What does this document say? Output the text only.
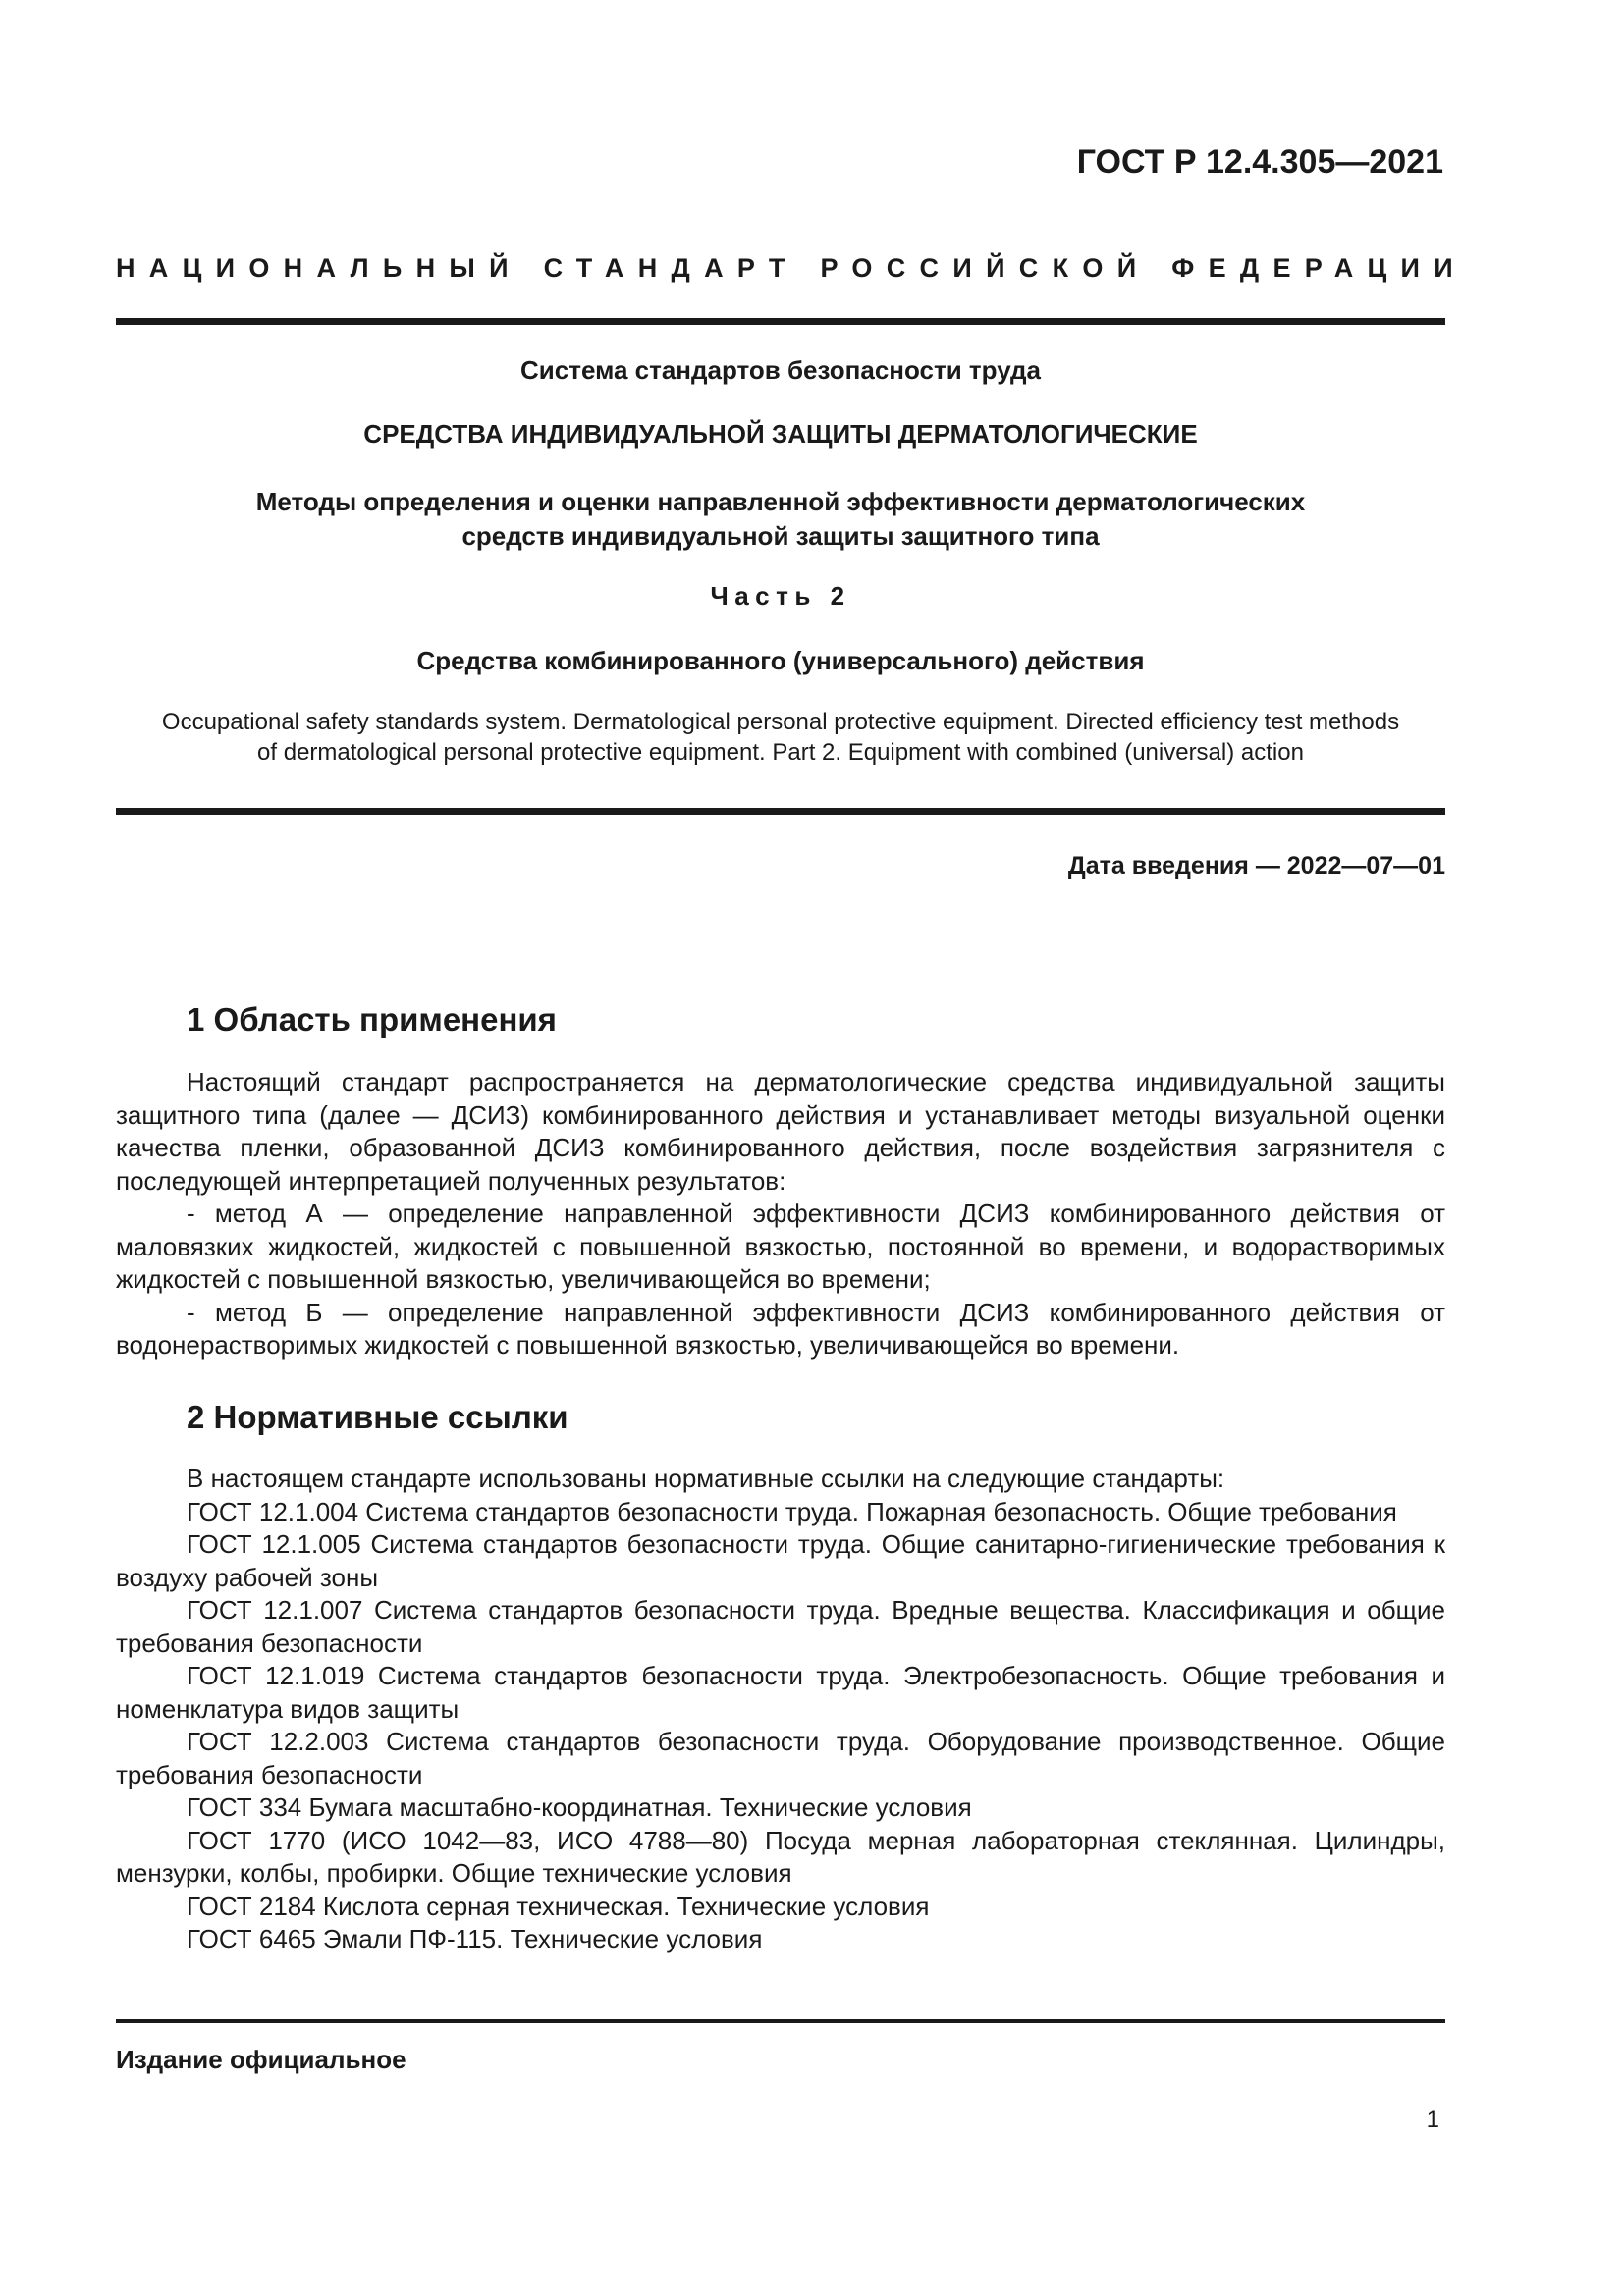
ГОСТ Р 12.4.305—2021
НАЦИОНАЛЬНЫЙ СТАНДАРТ РОССИЙСКОЙ ФЕДЕРАЦИИ
Система стандартов безопасности труда
СРЕДСТВА ИНДИВИДУАЛЬНОЙ ЗАЩИТЫ ДЕРМАТОЛОГИЧЕСКИЕ
Методы определения и оценки направленной эффективности дерматологических
средств индивидуальной защиты защитного типа
Часть 2
Средства комбинированного (универсального) действия
Occupational safety standards system. Dermatological personal protective equipment. Directed efficiency test methods
of dermatological personal protective equipment. Part 2. Equipment with combined (universal) action
Дата введения — 2022—07—01
1 Область применения

Настоящий стандарт распространяется на дерматологические средства индивидуальной защиты защитного типа (далее — ДСИЗ) комбинированного действия и устанавливает методы визуальной оценки качества пленки, образованной ДСИЗ комбинированного действия, после воздействия загрязнителя с последующей интерпретацией полученных результатов:

- метод А — определение направленной эффективности ДСИЗ комбинированного действия от маловязких жидкостей, жидкостей с повышенной вязкостью, постоянной во времени, и водорастворимых жидкостей с повышенной вязкостью, увеличивающейся во времени;

- метод Б — определение направленной эффективности ДСИЗ комбинированного действия от водонерастворимых жидкостей с повышенной вязкостью, увеличивающейся во времени.

2 Нормативные ссылки

В настоящем стандарте использованы нормативные ссылки на следующие стандарты:

ГОСТ 12.1.004 Система стандартов безопасности труда. Пожарная безопасность. Общие требования

ГОСТ 12.1.005 Система стандартов безопасности труда. Общие санитарно-гигиенические требования к воздуху рабочей зоны

ГОСТ 12.1.007 Система стандартов безопасности труда. Вредные вещества. Классификация и общие требования безопасности

ГОСТ 12.1.019 Система стандартов безопасности труда. Электробезопасность. Общие требования и номенклатура видов защиты

ГОСТ 12.2.003 Система стандартов безопасности труда. Оборудование производственное. Общие требования безопасности

ГОСТ 334 Бумага масштабно-координатная. Технические условия

ГОСТ 1770 (ИСО 1042—83, ИСО 4788—80) Посуда мерная лабораторная стеклянная. Цилиндры, мензурки, колбы, пробирки. Общие технические условия

ГОСТ 2184 Кислота серная техническая. Технические условия

ГОСТ 6465 Эмали ПФ-115. Технические условия

Издание официальное
1
